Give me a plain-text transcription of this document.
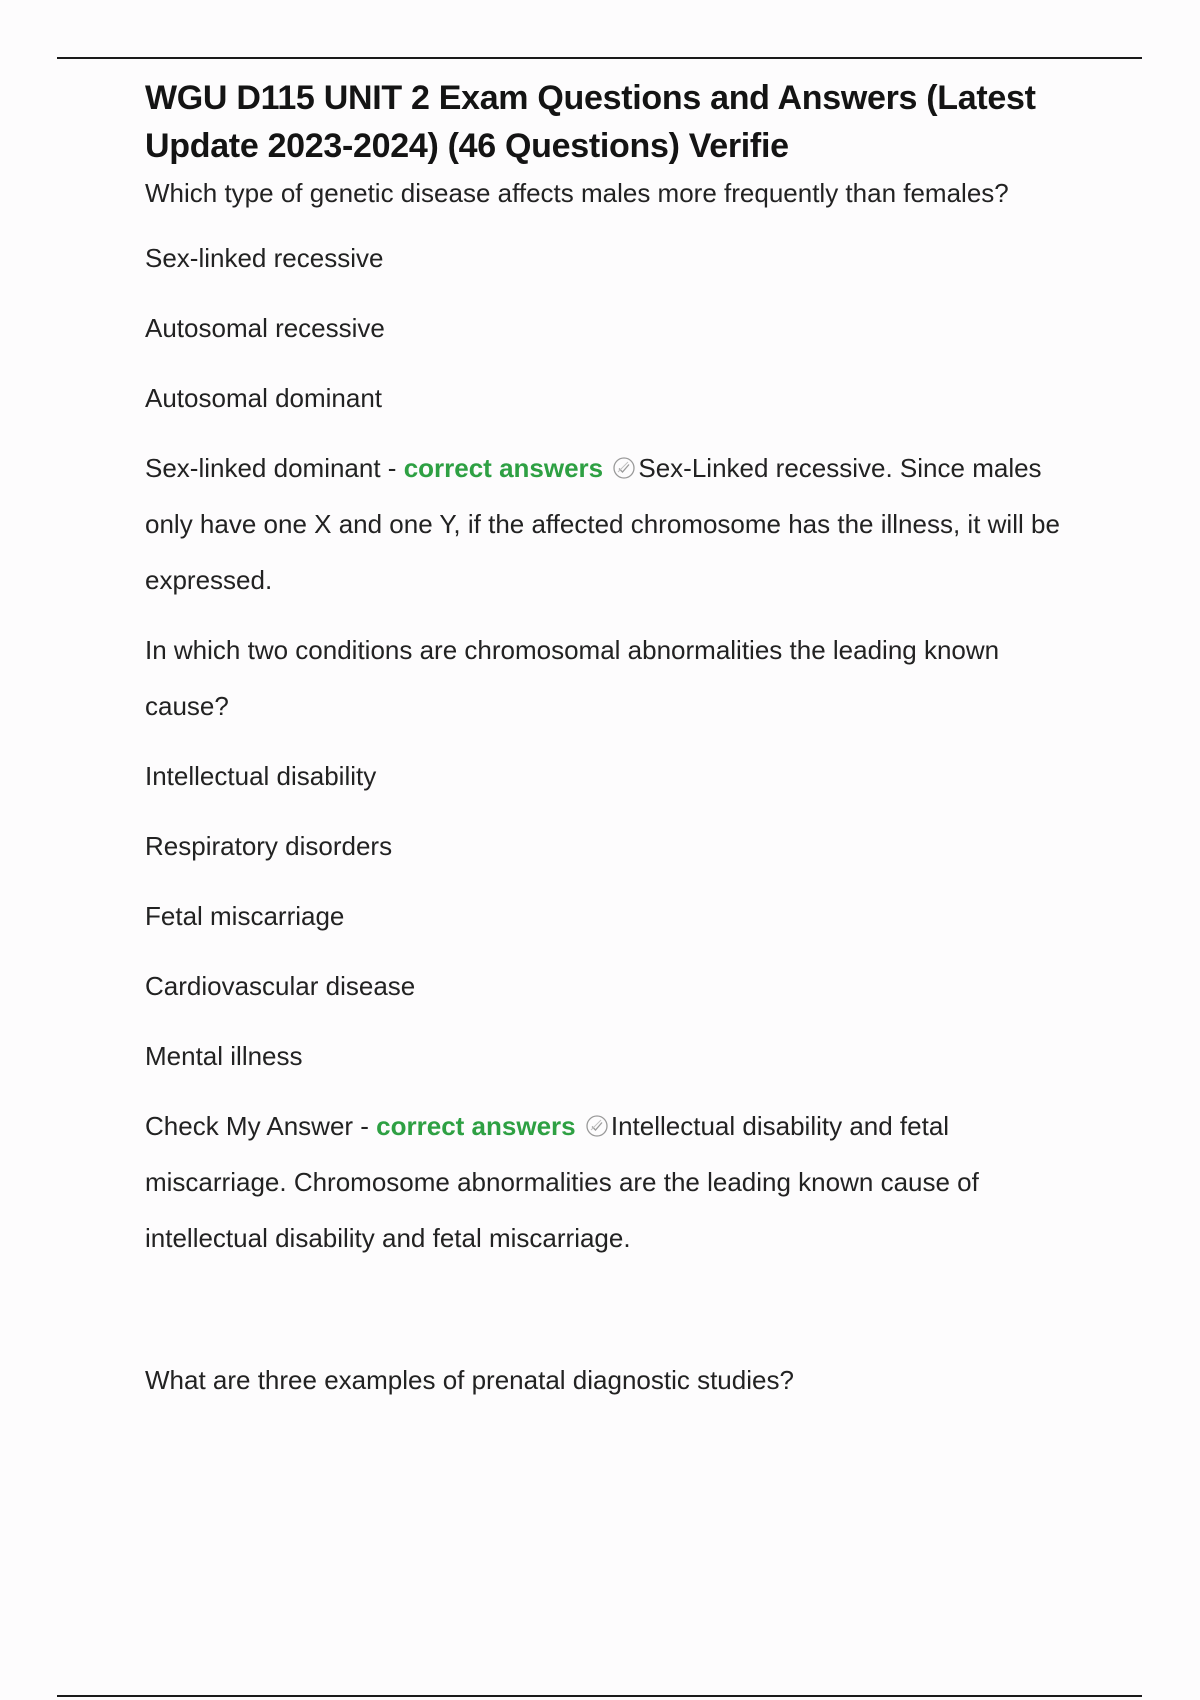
WGU D115 UNIT 2 Exam Questions and Answers (Latest Update 2023-2024) (46 Questions) Verifie

Which type of genetic disease affects males more frequently than females?

Sex-linked recessive

Autosomal recessive

Autosomal dominant

Sex-linked dominant - correct answers Sex-Linked recessive. Since males only have one X and one Y, if the affected chromosome has the illness, it will be expressed.

In which two conditions are chromosomal abnormalities the leading known cause?

Intellectual disability

Respiratory disorders

Fetal miscarriage

Cardiovascular disease

Mental illness

Check My Answer - correct answers Intellectual disability and fetal miscarriage. Chromosome abnormalities are the leading known cause of intellectual disability and fetal miscarriage.

What are three examples of prenatal diagnostic studies?
